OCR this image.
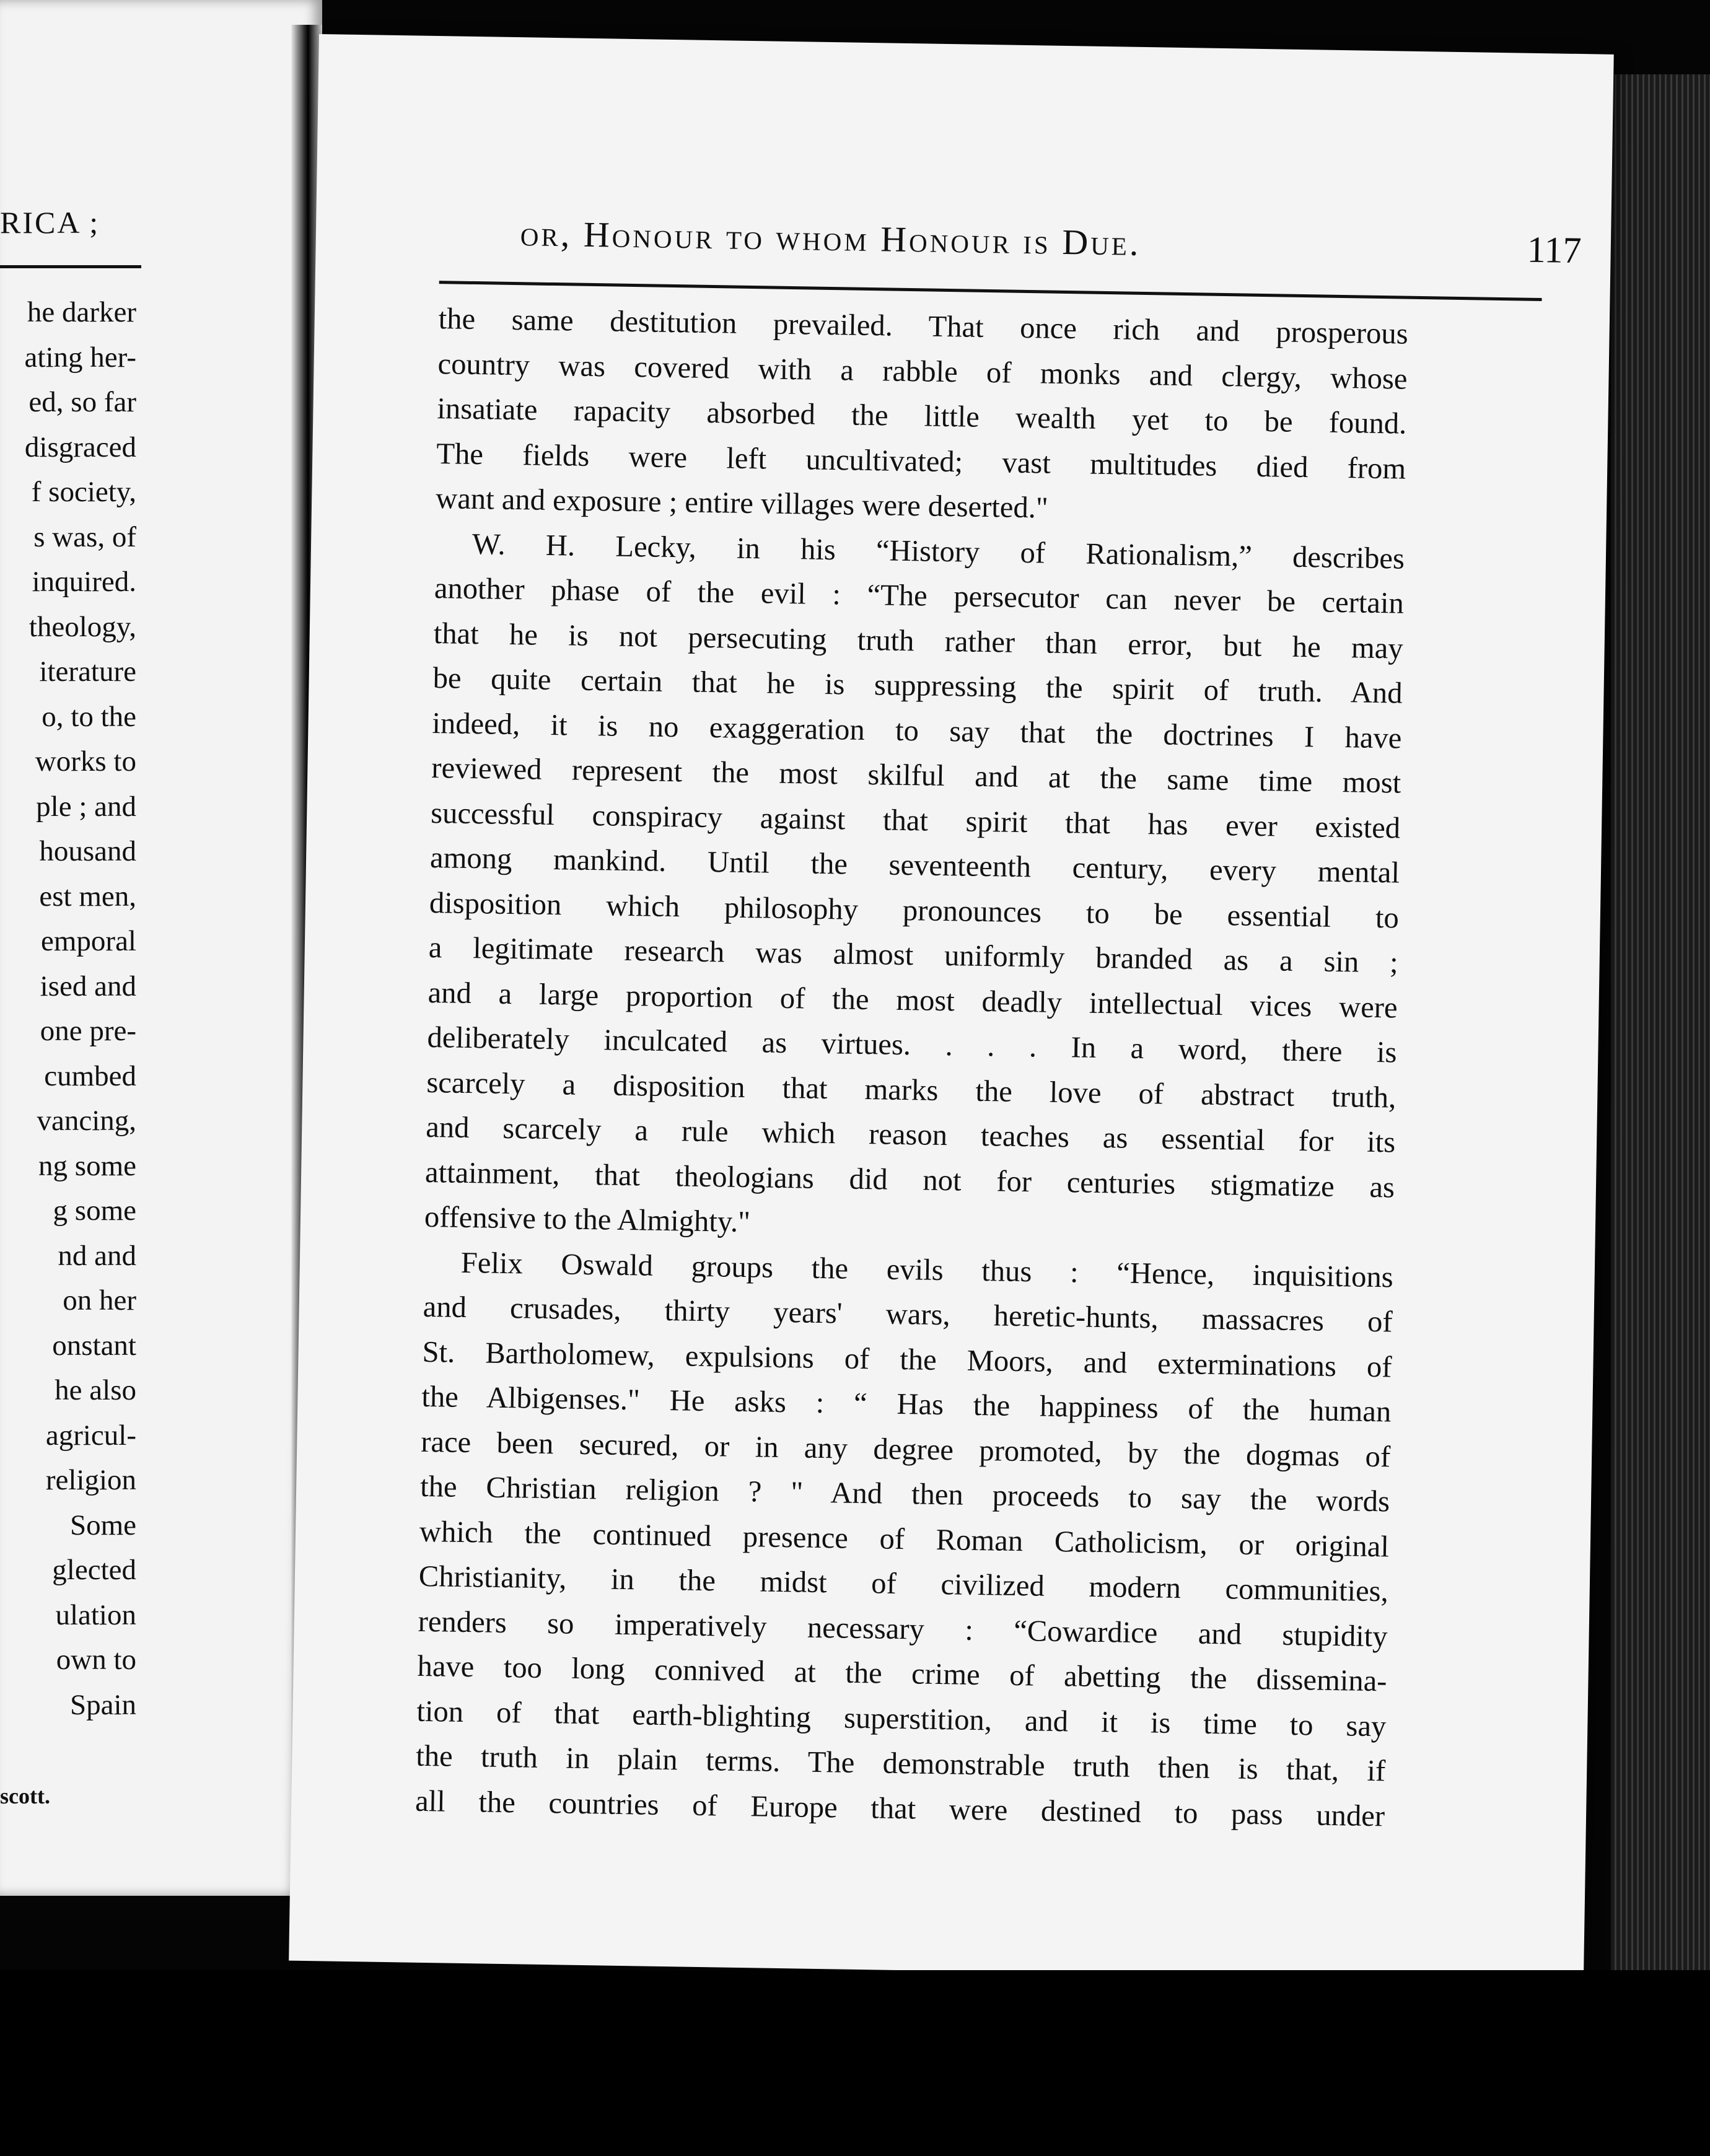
RICA ;
he darker
ating her-
ed, so far
disgraced
f society,
s was, of
inquired.
theology,
iterature
o, to the
works to
ple ; and
housand
est men,
emporal
ised and
one pre-
cumbed
vancing,
ng some
g some
nd and
on her
onstant
he also
agricul-
religion
Some
glected
ulation
own to
Spain
scott.
or, Honour to whom Honour is Due.	117
the same destitution prevailed. That once rich and prosperous
country was covered with a rabble of monks and clergy, whose
insatiate rapacity absorbed the little wealth yet to be found.
The fields were left uncultivated; vast multitudes died from
want and exposure ; entire villages were deserted."
W. H. Lecky, in his “History of Rationalism,” describes
another phase of the evil : “The persecutor can never be certain
that he is not persecuting truth rather than error, but he may
be quite certain that he is suppressing the spirit of truth. And
indeed, it is no exaggeration to say that the doctrines I have
reviewed represent the most skilful and at the same time most
successful conspiracy against that spirit that has ever existed
among mankind. Until the seventeenth century, every mental
disposition which philosophy pronounces to be essential to
a legitimate research was almost uniformly branded as a sin ;
and a large proportion of the most deadly intellectual vices were
deliberately inculcated as virtues. . . . In a word, there is
scarcely a disposition that marks the love of abstract truth,
and scarcely a rule which reason teaches as essential for its
attainment, that theologians did not for centuries stigmatize as
offensive to the Almighty."
Felix Oswald groups the evils thus : “Hence, inquisitions
and crusades, thirty years' wars, heretic-hunts, massacres of
St. Bartholomew, expulsions of the Moors, and exterminations of
the Albigenses." He asks : “ Has the happiness of the human
race been secured, or in any degree promoted, by the dogmas of
the Christian religion ? " And then proceeds to say the words
which the continued presence of Roman Catholicism, or original
Christianity, in the midst of civilized modern communities,
renders so imperatively necessary : “Cowardice and stupidity
have too long connived at the crime of abetting the dissemina-
tion of that earth-blighting superstition, and it is time to say
the truth in plain terms. The demonstrable truth then is that, if
all the countries of Europe that were destined to pass under
